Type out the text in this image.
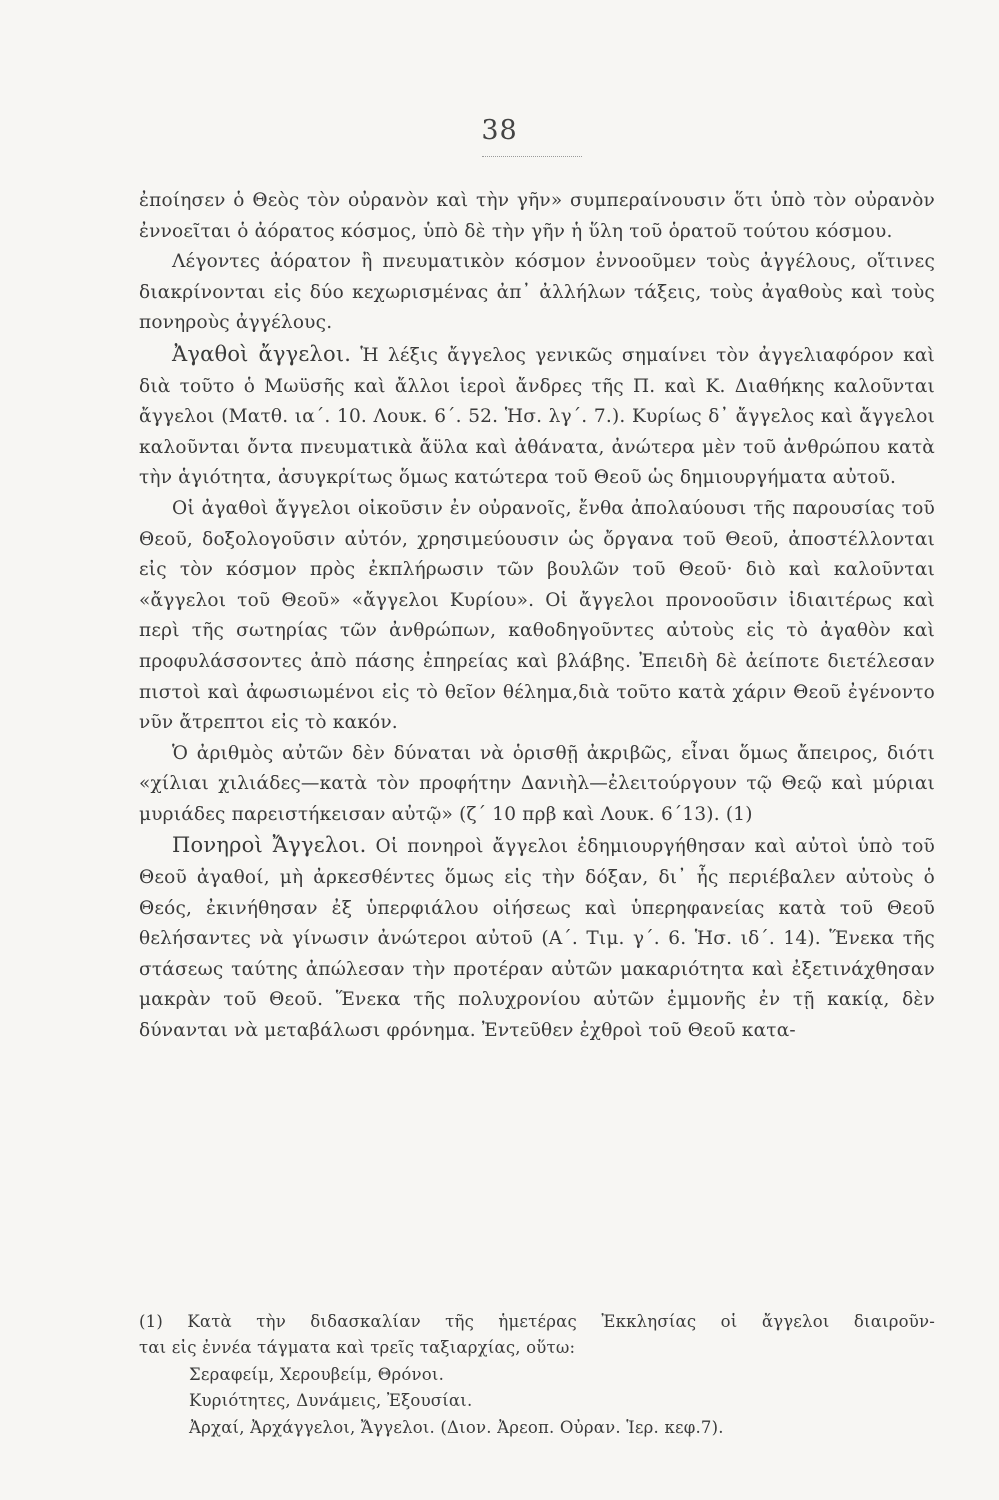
38

ἐποίησεν ὁ Θεὸς τὸν οὐρανὸν καὶ τὴν γῆν» συμπεραίνουσιν ὅτι ὑπὸ τὸν οὐρανὸν ἐννοεῖται ὁ ἀόρατος κόσμος, ὑπὸ δὲ τὴν γῆν ἡ ὕλη τοῦ ὁρατοῦ τούτου κόσμου.

Λέγοντες ἀόρατον ἢ πνευματικὸν κόσμον ἐννοοῦμεν τοὺς ἀγγέλους, οἵτινες διακρίνονται εἰς δύο κεχωρισμένας ἀπ᾽ ἀλλήλων τάξεις, τοὺς ἀγαθοὺς καὶ τοὺς πονηροὺς ἀγγέλους.

Ἀγαθοὶ ἄγγελοι. Ἡ λέξις ἄγγελος γενικῶς σημαίνει τὸν ἀγγελιαφόρον καὶ διὰ τοῦτο ὁ Μωϋσῆς καὶ ἄλλοι ἱεροὶ ἄνδρες τῆς Π. καὶ Κ. Διαθήκης καλοῦνται ἄγγελοι (Ματθ. ια΄. 10. Λουκ. 6΄. 52. Ἡσ. λγ΄. 7.). Κυρίως δ᾽ ἄγγελος καὶ ἄγγελοι καλοῦνται ὄντα πνευματικὰ ἄϋλα καὶ ἀθάνατα, ἀνώτερα μὲν τοῦ ἀνθρώπου κατὰ τὴν ἁγιότητα, ἀσυγκρίτως ὅμως κατώτερα τοῦ Θεοῦ ὡς δημιουργήματα αὐτοῦ.

Οἱ ἀγαθοὶ ἄγγελοι οἰκοῦσιν ἐν οὐρανοῖς, ἔνθα ἀπολαύουσι τῆς παρουσίας τοῦ Θεοῦ, δοξολογοῦσιν αὐτόν, χρησιμεύουσιν ὡς ὄργανα τοῦ Θεοῦ, ἀποστέλλονται εἰς τὸν κόσμον πρὸς ἐκπλήρωσιν τῶν βουλῶν τοῦ Θεοῦ· διὸ καὶ καλοῦνται «ἄγγελοι τοῦ Θεοῦ» «ἄγγελοι Κυρίου». Οἱ ἄγγελοι προνοοῦσιν ἰδιαιτέρως καὶ περὶ τῆς σωτηρίας τῶν ἀνθρώπων, καθοδηγοῦντες αὐτοὺς εἰς τὸ ἀγαθὸν καὶ προφυλάσσοντες ἀπὸ πάσης ἐπηρείας καὶ βλάβης. Ἐπειδὴ δὲ ἀείποτε διετέλεσαν πιστοὶ καὶ ἀφωσιωμένοι εἰς τὸ θεῖον θέλημα,διὰ τοῦτο κατὰ χάριν Θεοῦ ἐγένοντο νῦν ἄτρεπτοι εἰς τὸ κακόν.

Ὁ ἀριθμὸς αὐτῶν δὲν δύναται νὰ ὁρισθῇ ἀκριβῶς, εἶναι ὅμως ἄπειρος, διότι «χίλιαι χιλιάδες—κατὰ τὸν προφήτην Δανιὴλ—ἐλειτούργουν τῷ Θεῷ καὶ μύριαι μυριάδες παρειστήκεισαν αὐτῷ» (ζ΄ 10 πρβ καὶ Λουκ. 6΄13). (1)

Πονηροὶ Ἄγγελοι. Οἱ πονηροὶ ἄγγελοι ἐδημιουργήθησαν καὶ αὐτοὶ ὑπὸ τοῦ Θεοῦ ἀγαθοί, μὴ ἀρκεσθέντες ὅμως εἰς τὴν δόξαν, δι᾽ ἧς περιέβαλεν αὐτοὺς ὁ Θεός, ἐκινήθησαν ἐξ ὑπερφιάλου οἰήσεως καὶ ὑπερηφανείας κατὰ τοῦ Θεοῦ θελήσαντες νὰ γίνωσιν ἀνώτεροι αὐτοῦ (Α΄. Τιμ. γ΄. 6. Ἡσ. ιδ΄. 14). Ἕνεκα τῆς στάσεως ταύτης ἀπώλεσαν τὴν προτέραν αὐτῶν μακαριότητα καὶ ἐξετινάχθησαν μακρὰν τοῦ Θεοῦ. Ἕνεκα τῆς πολυχρονίου αὐτῶν ἐμμονῆς ἐν τῇ κακίᾳ, δὲν δύνανται νὰ μεταβάλωσι φρόνημα. Ἐντεῦθεν ἐχθροὶ τοῦ Θεοῦ κατα-

(1) Κατὰ τὴν διδασκαλίαν τῆς ἡμετέρας Ἐκκλησίας οἱ ἄγγελοι διαιροῦν-

ται εἰς ἐννέα τάγματα καὶ τρεῖς ταξιαρχίας, οὕτω:

Σεραφείμ, Χερουβείμ, Θρόνοι.

Κυριότητες, Δυνάμεις, Ἐξουσίαι.

Ἀρχαί, Ἀρχάγγελοι, Ἄγγελοι. (Διον. Ἀρεοπ. Οὐραν. Ἱερ. κεφ.7).
